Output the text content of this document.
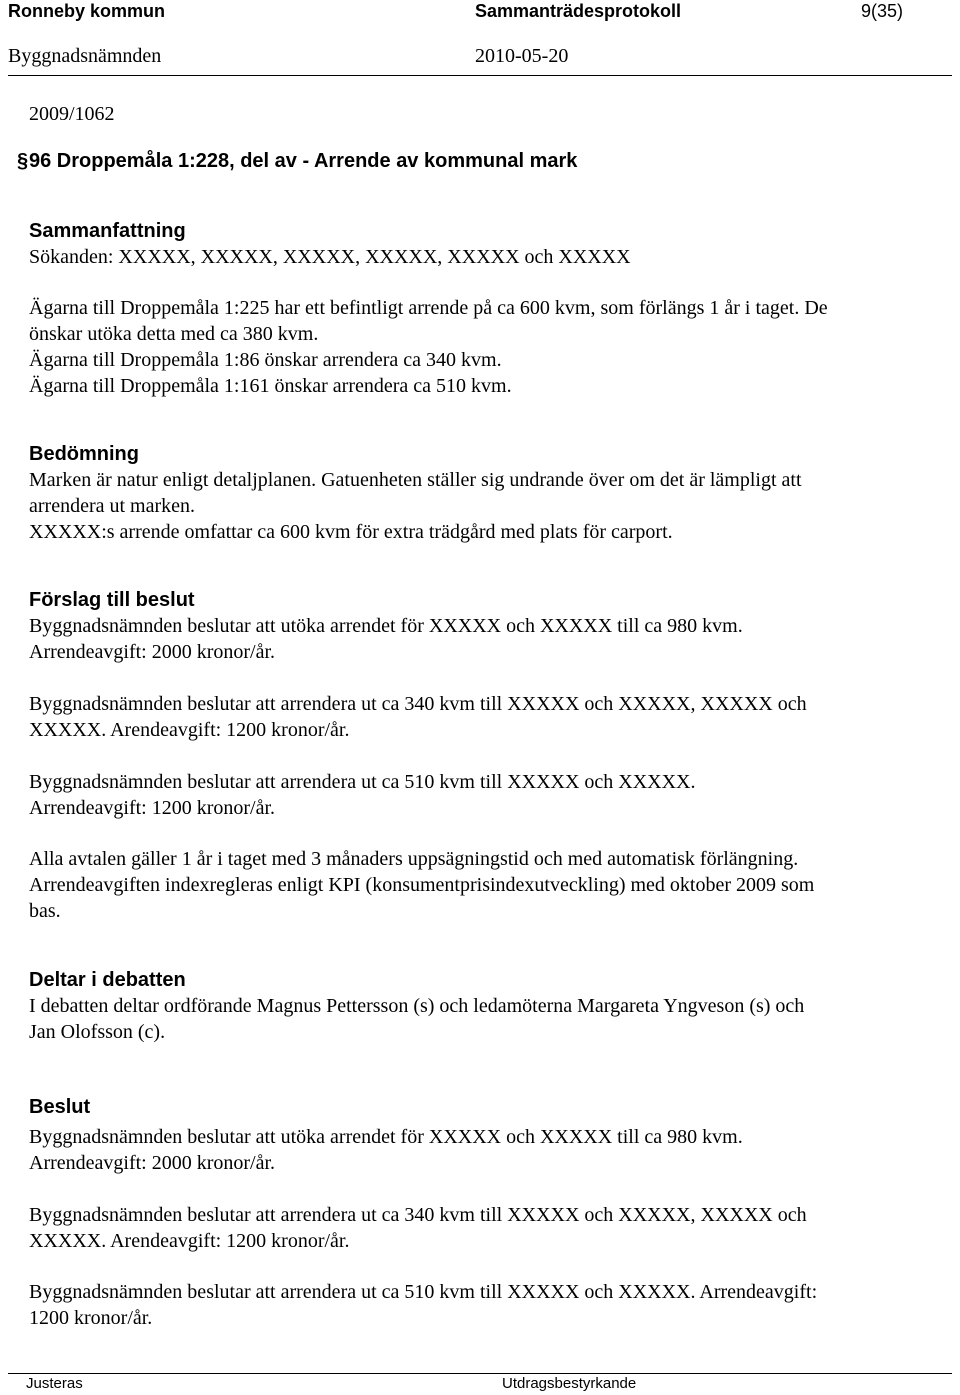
Ronneby kommun	Sammanträdesprotokoll	9(35)
Byggnadsnämnden	2010-05-20
2009/1062
§96 Droppemåla 1:228, del av - Arrende av kommunal mark
Sammanfattning

Sökanden: XXXXX, XXXXX, XXXXX, XXXXX, XXXXX och XXXXX

Ägarna till Droppemåla 1:225 har ett befintligt arrende på ca 600 kvm, som förlängs 1 år i taget. De

önskar utöka detta med ca 380 kvm.

Ägarna till Droppemåla 1:86 önskar arrendera ca 340 kvm.

Ägarna till Droppemåla 1:161 önskar arrendera ca 510 kvm.

Bedömning

Marken är natur enligt detaljplanen. Gatuenheten ställer sig undrande över om det är lämpligt att

arrendera ut marken.

XXXXX:s arrende omfattar ca 600 kvm för extra trädgård med plats för carport.

Förslag till beslut

Byggnadsnämnden beslutar att utöka arrendet för XXXXX och XXXXX till ca 980 kvm.

Arrendeavgift: 2000 kronor/år.

Byggnadsnämnden beslutar att arrendera ut ca 340 kvm till XXXXX och XXXXX, XXXXX och

XXXXX. Arendeavgift: 1200 kronor/år.

Byggnadsnämnden beslutar att arrendera ut ca 510 kvm till XXXXX och XXXXX.

Arrendeavgift: 1200 kronor/år.

Alla avtalen gäller 1 år i taget med 3 månaders uppsägningstid och med automatisk förlängning.

Arrendeavgiften indexregleras enligt KPI (konsumentprisindexutveckling) med oktober 2009 som

bas.

Deltar i debatten

I debatten deltar ordförande Magnus Pettersson (s) och ledamöterna Margareta Yngveson (s) och

Jan Olofsson (c).

Beslut

Byggnadsnämnden beslutar att utöka arrendet för XXXXX och XXXXX till ca 980 kvm.

Arrendeavgift: 2000 kronor/år.

Byggnadsnämnden beslutar att arrendera ut ca 340 kvm till XXXXX och XXXXX, XXXXX och

XXXXX. Arendeavgift: 1200 kronor/år.

Byggnadsnämnden beslutar att arrendera ut ca 510 kvm till XXXXX och XXXXX. Arrendeavgift:

1200 kronor/år.

Justeras	Utdragsbestyrkande
